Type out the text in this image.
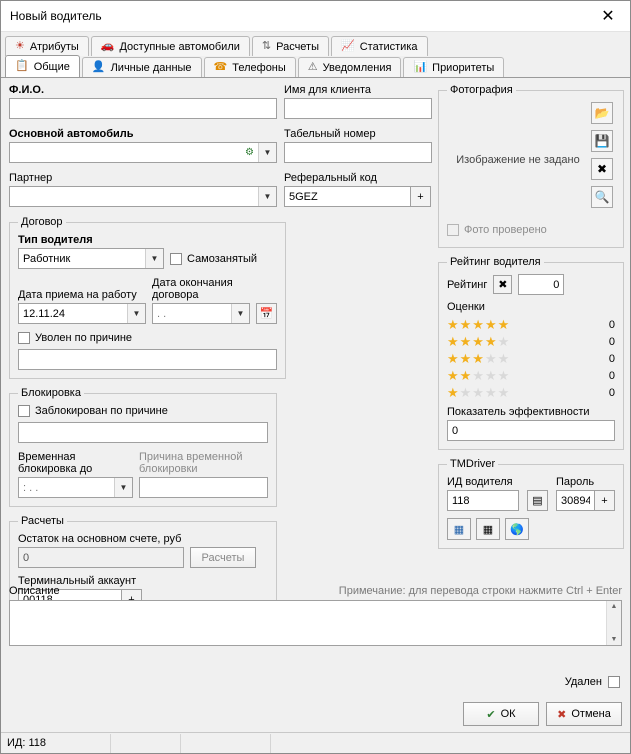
Новый водитель	✕
☀ Атрибуты 🚗 Доступные автомобили ⇅ Расчеты 📈 Статистика
📋 Общие 👤 Личные данные ☎ Телефоны ⚠ Уведомления 📊 Приоритеты
Ф.И.О.
Основной автомобиль
⚙	▼
Партнер
▼
Договор
Тип водителя
Работник	▼	Самозанятый
Дата приема на работу
12.11.24	▼
Дата окончания договора
. .	▼	📅
Уволен по причине

Блокировка
Заблокирован по причине

Временная блокировка до
: . .	▼
Причина временной блокировки
Расчеты
Остаток на основном счете, руб
0
Расчеты
Терминальный аккаунт
00118
Имя для клиента
Табельный номер
Реферальный код
5GEZ
+
Фотография
Изображение не задано
📂
💾
✖
🔍
Фото проверено
Рейтинг водителя
Рейтинг ✖
0
Оценки
★★★★★	0
★★★★★	0
★★★★★	0
★★★★★	0
★★★★★	0
Показатель эффективности
0
TMDriver
ИД водителя
118
▤
Пароль
308944
+
▦	▦	🌎
Описание	Примечание: для перевода строки нажмите Ctrl + Enter
▲
▼
Удален
✔ ОК	✖ Отмена
ИД: 118
